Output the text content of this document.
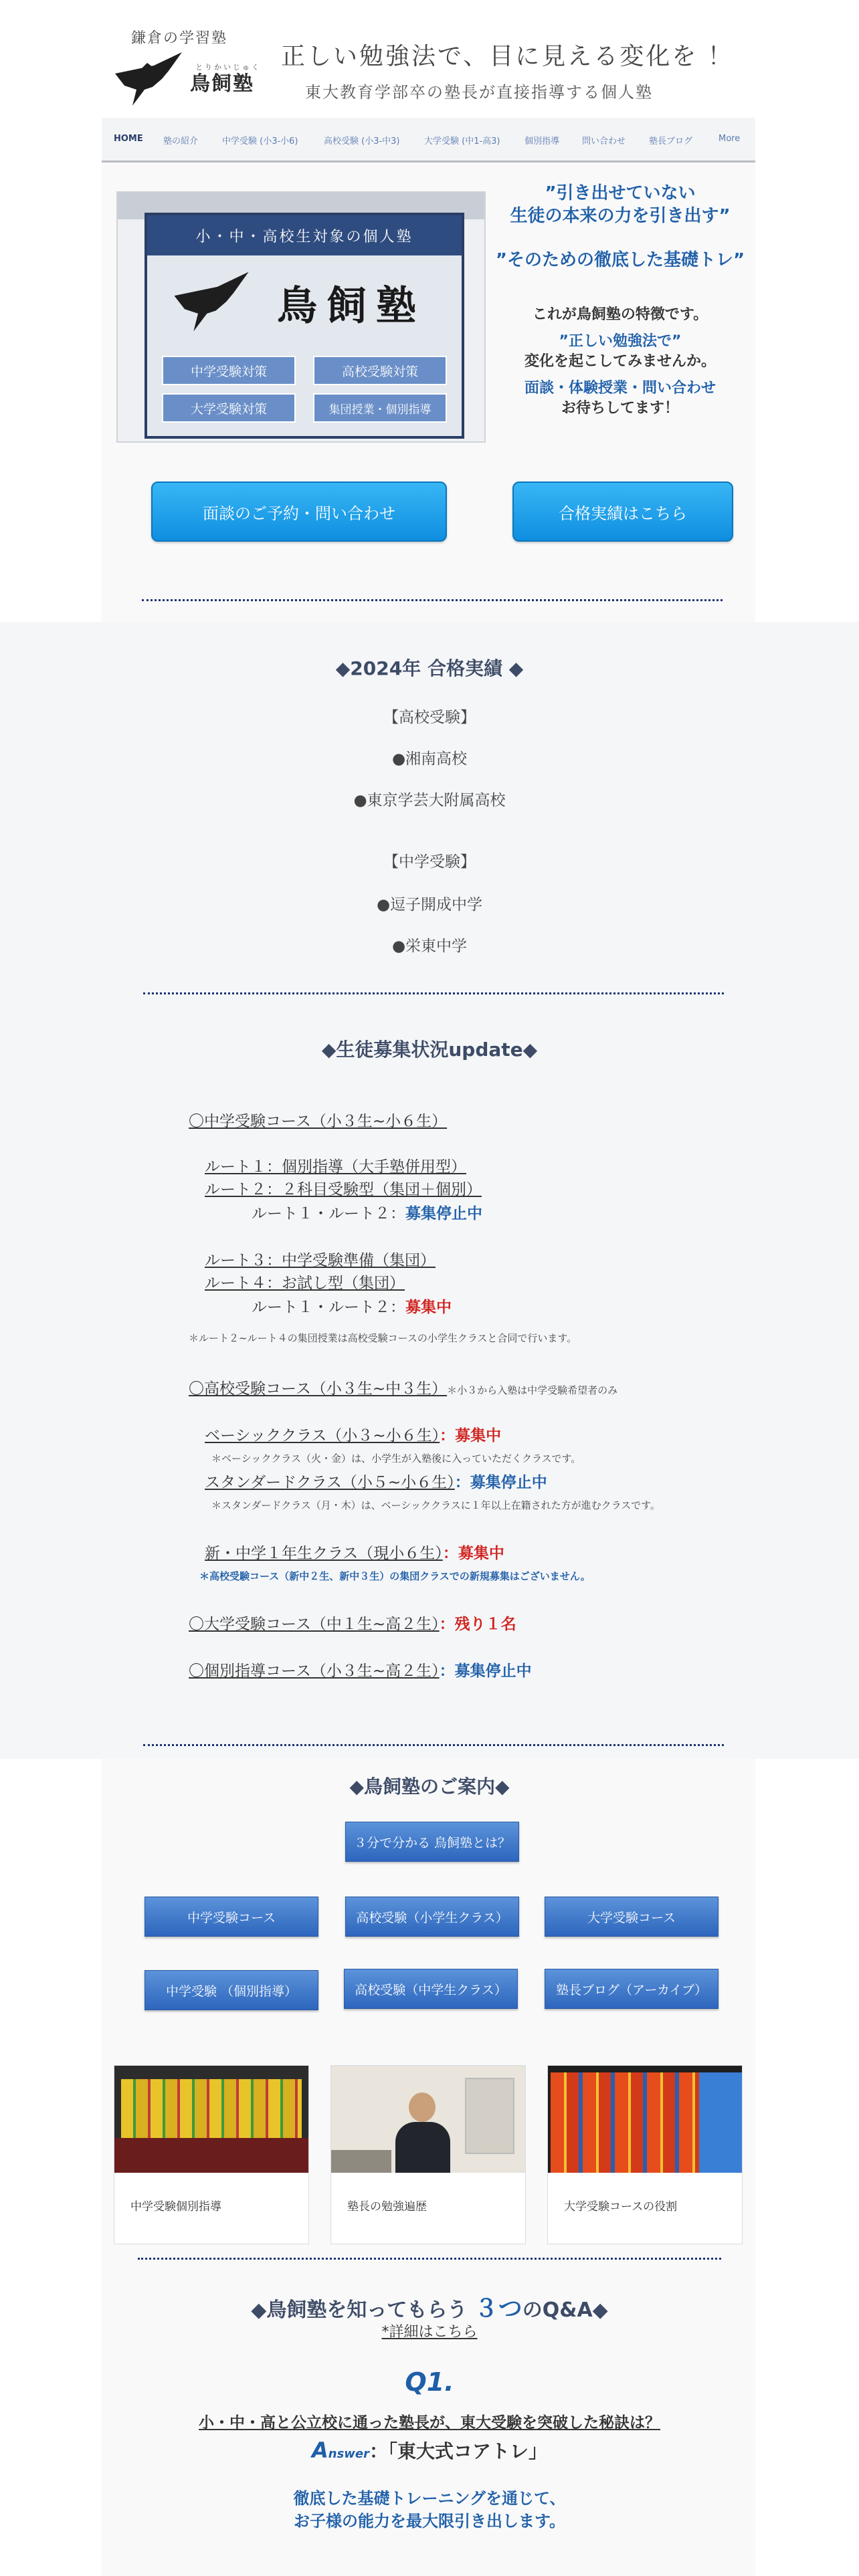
鎌倉の学習塾
とりかいじゅく
鳥飼塾
正しい勉強法で、目に見える変化を ！
東大教育学部卒の塾長が直接指導する個人塾
HOME 塾の紹介	中学受験 (小3-小6)	高校受験 (小3-中3)	大学受験 (中1-高3)	個別指導	問い合わせ	塾長ブログ	More
小・中・高校生対象の個人塾
鳥飼塾
中学受験対策	高校受験対策
大学受験対策	集団授業・個別指導
”引き出せていない
生徒の本来の力を引き出す”
”そのための徹底した基礎トレ”
これが鳥飼塾の特徴です。
”正しい勉強法で”
変化を起こしてみませんか。
面談・体験授業・問い合わせ
お待ちしてます！
面談のご予約・問い合わせ	合格実績はこちら
◆2024年 合格実績 ◆
【高校受験】
●湘南高校
●東京学芸大附属高校
【中学受験】
●逗子開成中学
●栄東中学
◆生徒募集状況update◆
〇中学受験コース（小３生~小６生）
ルート１：個別指導（大手塾併用型）
ルート２：２科目受験型（集団＋個別）
ルート１・ルート２：募集停止中
ルート３：中学受験準備（集団）
ルート４：お試し型（集団）
ルート１・ルート２：募集中
＊ルート２~ルート４の集団授業は高校受験コースの小学生クラスと合同で行います。
〇高校受験コース（小３生~中３生）＊小３から入塾は中学受験希望者のみ
ベーシッククラス（小３~小６生）：募集中
＊ベーシッククラス（火・金）は、小学生が入塾後に入っていただくクラスです。
スタンダードクラス（小５~小６生）：募集停止中
＊スタンダードクラス（月・木）は、ベーシッククラスに１年以上在籍された方が進むクラスです。
新・中学１年生クラス（現小６生）：募集中
＊高校受験コース（新中２生、新中３生）の集団クラスでの新規募集はございません。
〇大学受験コース（中１生~高２生）：残り１名
〇個別指導コース（小３生~高２生）：募集停止中
◆鳥飼塾のご案内◆
３分で分かる 鳥飼塾とは？
中学受験コース	高校受験（小学生クラス）	大学受験コース
中学受験 （個別指導）	高校受験（中学生クラス）	塾長ブログ（アーカイブ）
中学受験個別指導	塾長の勉強遍歴	大学受験コースの役割
◆鳥飼塾を知ってもらう ３つのQ&A◆
*詳細はこちら
Q1.
小・中・高と公立校に通った塾長が、東大受験を突破した秘訣は？
Answer：「東大式コアトレ」
徹底した基礎トレーニングを通じて、
お子様の能力を最大限引き出します。
